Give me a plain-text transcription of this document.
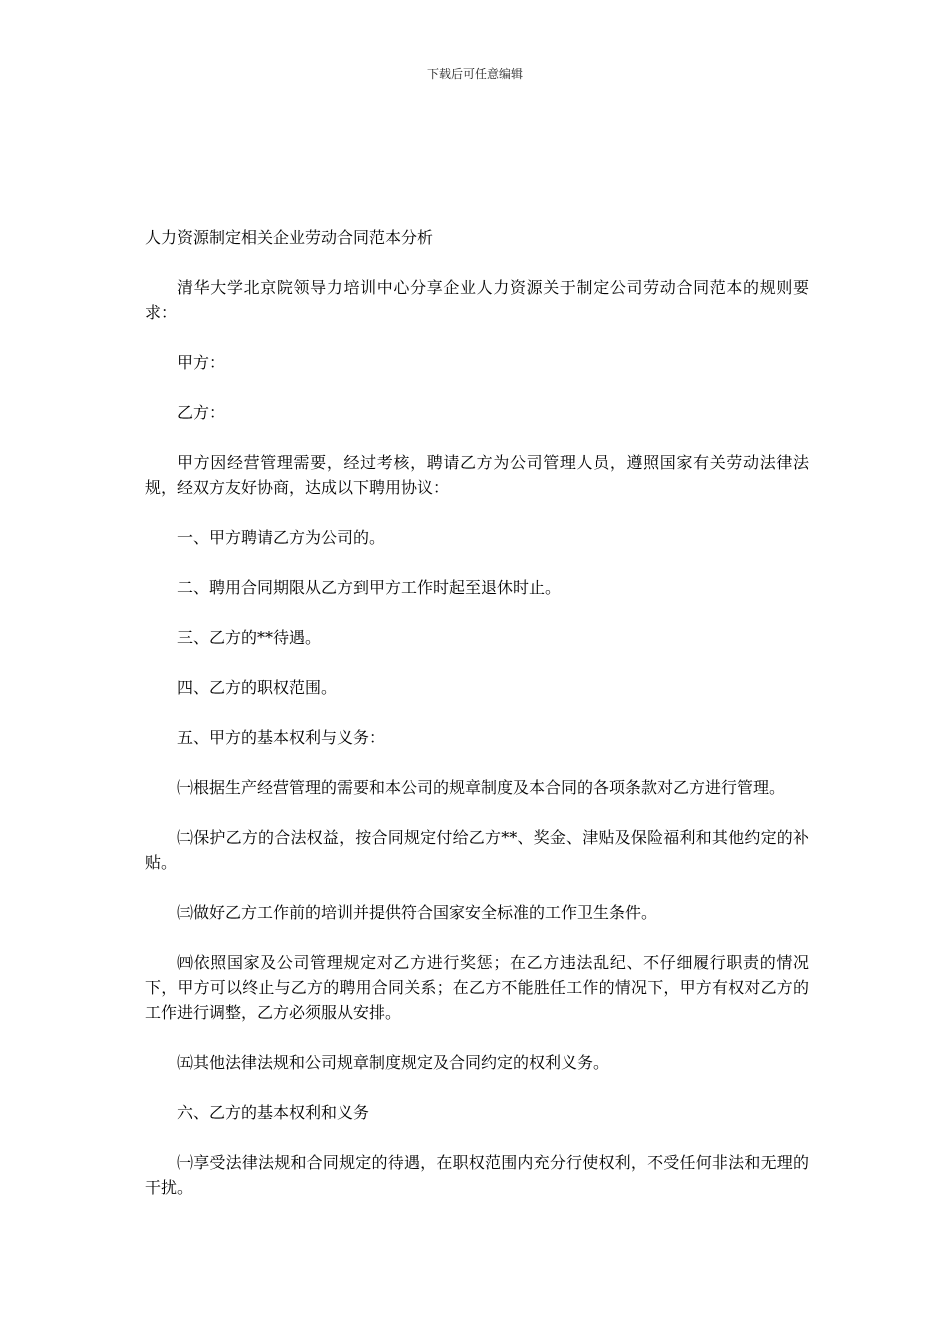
下载后可任意编辑
人力资源制定相关企业劳动合同范本分析

清华大学北京院领导力培训中心分享企业人力资源关于制定公司劳动合同范本的规则要求：

甲方：

乙方：

甲方因经营管理需要，经过考核，聘请乙方为公司管理人员，遵照国家有关劳动法律法规，经双方友好协商，达成以下聘用协议：

一、甲方聘请乙方为公司的。

二、聘用合同期限从乙方到甲方工作时起至退休时止。

三、乙方的**待遇。

四、乙方的职权范围。

五、甲方的基本权利与义务：

㈠根据生产经营管理的需要和本公司的规章制度及本合同的各项条款对乙方进行管理。

㈡保护乙方的合法权益，按合同规定付给乙方**、奖金、津贴及保险福利和其他约定的补贴。

㈢做好乙方工作前的培训并提供符合国家安全标准的工作卫生条件。

㈣依照国家及公司管理规定对乙方进行奖惩；在乙方违法乱纪、不仔细履行职责的情况下，甲方可以终止与乙方的聘用合同关系；在乙方不能胜任工作的情况下，甲方有权对乙方的工作进行调整，乙方必须服从安排。

㈤其他法律法规和公司规章制度规定及合同约定的权利义务。

六、乙方的基本权利和义务

㈠享受法律法规和合同规定的待遇，在职权范围内充分行使权利，不受任何非法和无理的干扰。
